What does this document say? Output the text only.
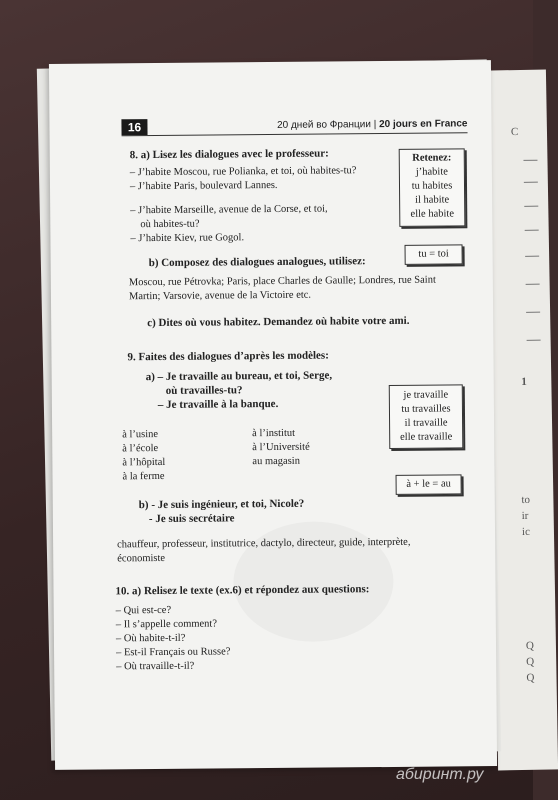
C
1
to
ir
ic
Q
Q
Q
16	20 дней во Франции | 20 jours en France
8. a) Lisez les dialogues avec le professeur:
– J’habite Moscou, rue Polianka, et toi, où habites-tu?
– J’habite Paris, boulevard Lannes.
– J’habite Marseille, avenue de la Corse, et toi,
où habites-tu?
– J’habite Kiev, rue Gogol.
Retenez:
j’habite
tu habites
il habite
elle habite
tu = toi
b) Composez des dialogues analogues, utilisez:
Moscou, rue Pétrovka; Paris, place Charles de Gaulle; Londres, rue Saint
Martin; Varsovie, avenue de la Victoire etc.
c) Dites où vous habitez. Demandez où habite votre ami.
9. Faites des dialogues d’après les modèles:
a) – Je travaille au bureau, et toi, Serge,
où travailles-tu?
– Je travaille à la banque.
je travaille
tu travailles
il travaille
elle travaille
à l’usine
à l’école
à l’hôpital
à la ferme
à l’institut
à l’Université
au magasin
à + le = au
b) - Je suis ingénieur, et toi, Nicole?
- Je suis secrétaire
chauffeur, professeur, institutrice, dactylo, directeur, guide, interprète,
économiste
10. a) Relisez le texte (ex.6) et répondez aux questions:
– Qui est-ce?
– Il s’appelle comment?
– Où habite-t-il?
– Est-il Français ou Russe?
– Où travaille-t-il?
абиринт.ру
